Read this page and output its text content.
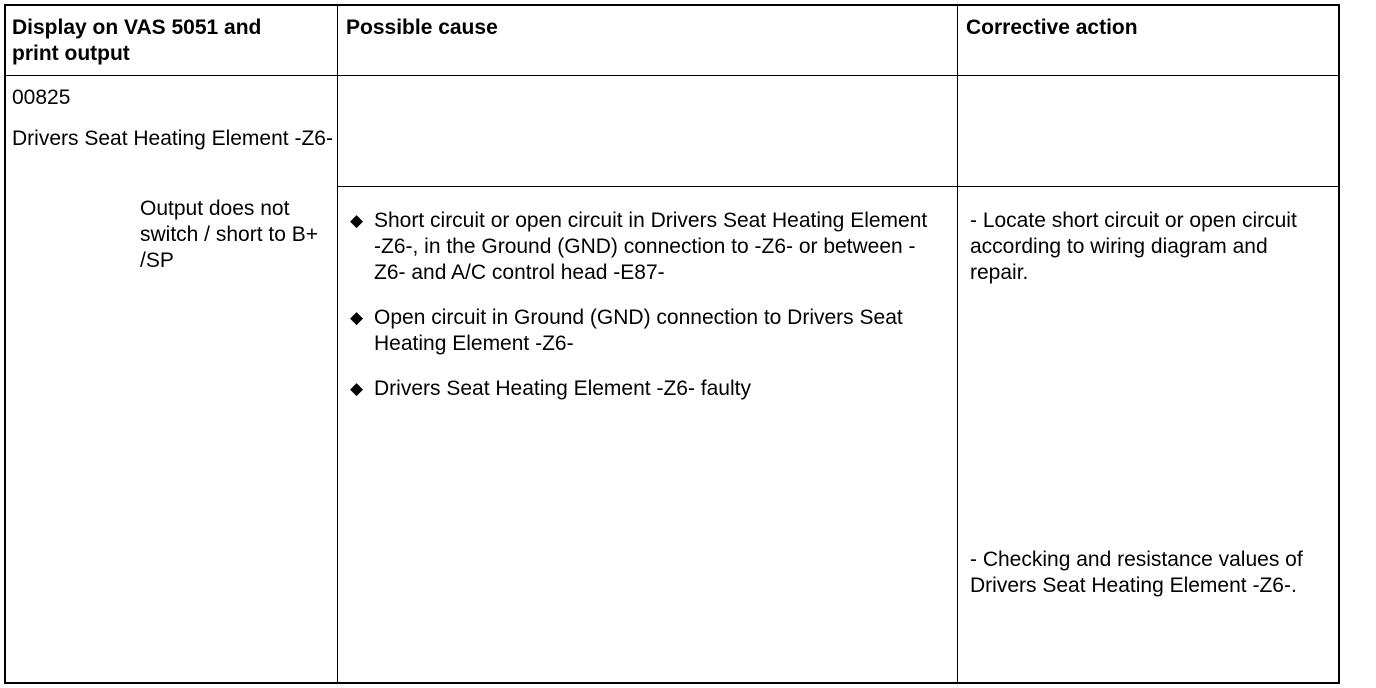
Display on VAS 5051 and print output
Possible cause	Corrective action
00825
Drivers Seat Heating Element -Z6-
Output does not switch / short to B+ /SP
◆ Short circuit or open circuit in Drivers Seat Heating Element -Z6-, in the Ground (GND) connection to -Z6- or between -Z6- and A/C control head -E87-
◆ Open circuit in Ground (GND) connection to Drivers Seat Heating Element -Z6-
◆ Drivers Seat Heating Element -Z6- faulty
- Locate short circuit or open circuit according to wiring diagram and repair.
- Checking and resistance values of Drivers Seat Heating Element -Z6-.
